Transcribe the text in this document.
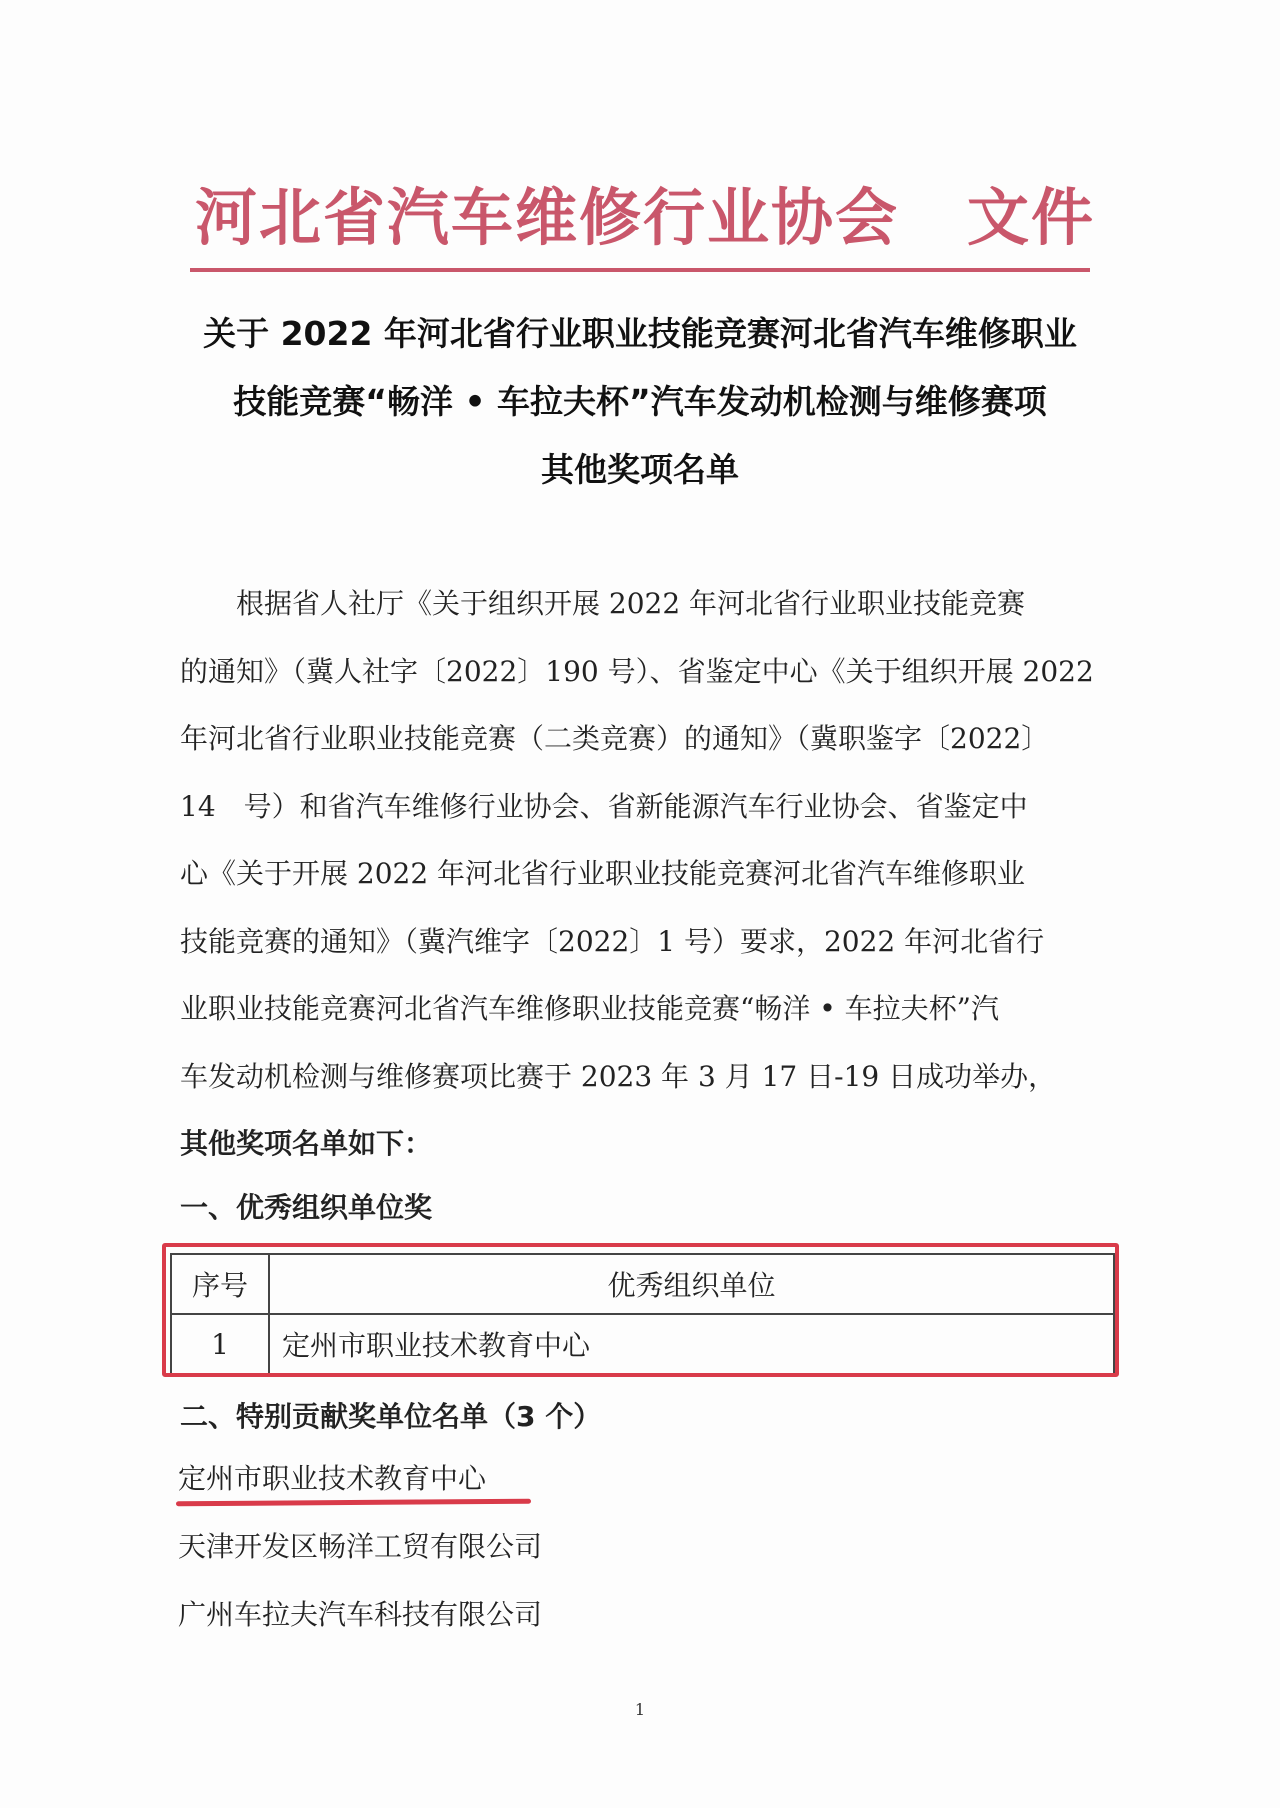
河北省汽车维修行业协会 文件
关于 2022 年河北省行业职业技能竞赛河北省汽车维修职业
技能竞赛“畅洋 • 车拉夫杯”汽车发动机检测与维修赛项
其他奖项名单
　　根据省人社厅《关于组织开展 2022 年河北省行业职业技能竞赛
的通知》（冀人社字〔2022〕190 号）、省鉴定中心《关于组织开展 2022
年河北省行业职业技能竞赛（二类竞赛）的通知》（冀职鉴字〔2022〕
14　号）和省汽车维修行业协会、省新能源汽车行业协会、省鉴定中
心《关于开展 2022 年河北省行业职业技能竞赛河北省汽车维修职业
技能竞赛的通知》（冀汽维字〔2022〕1 号）要求，2022 年河北省行
业职业技能竞赛河北省汽车维修职业技能竞赛“畅洋 • 车拉夫杯”汽
车发动机检测与维修赛项比赛于 2023 年 3 月 17 日-19 日成功举办，
其他奖项名单如下：
一、优秀组织单位奖
序号	优秀组织单位
1	定州市职业技术教育中心
二、特别贡献奖单位名单（3 个）
定州市职业技术教育中心
天津开发区畅洋工贸有限公司
广州车拉夫汽车科技有限公司
1
